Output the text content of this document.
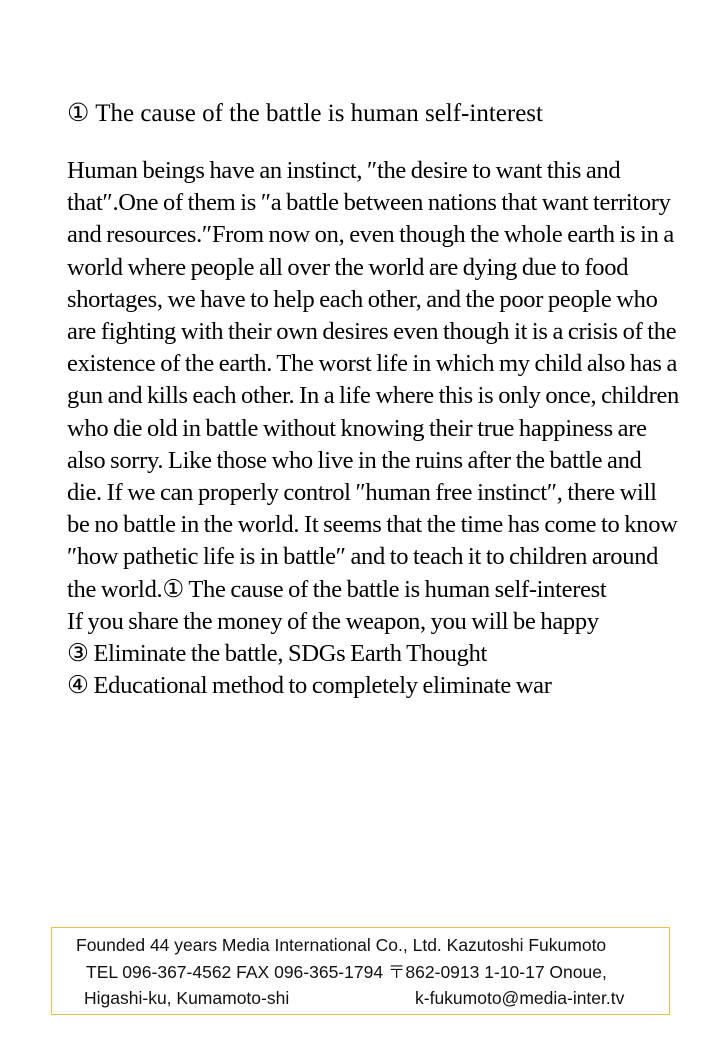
① The cause of the battle is human self-interest

Human beings have an instinct, ″the desire to want this and that″.One of them is ″a battle between nations that want territory and resources.″From now on, even though the whole earth is in a world where people all over the world are dying due to food shortages, we have to help each other, and the poor people who are fighting with their own desires even though it is a crisis of the existence of the earth. The worst life in which my child also has a gun and kills each other. In a life where this is only once, children who die old in battle without knowing their true happiness are also sorry. Like those who live in the ruins after the battle and die. If we can properly control ″human free instinct″, there will be no battle in the world. It seems that the time has come to know ″how pathetic life is in battle″ and to teach it to children around the world.① The cause of the battle is human self-interest

If you share the money of the weapon, you will be happy

③ Eliminate the battle, SDGs Earth Thought

④ Educational method to completely eliminate war

Founded 44 years Media International Co., Ltd. Kazutoshi Fukumoto
TEL 096-367-4562 FAX 096-365-1794 〒862-0913 1-10-17 Onoue,
Higashi-ku, Kumamoto-shi	k-fukumoto@media-inter.tv
